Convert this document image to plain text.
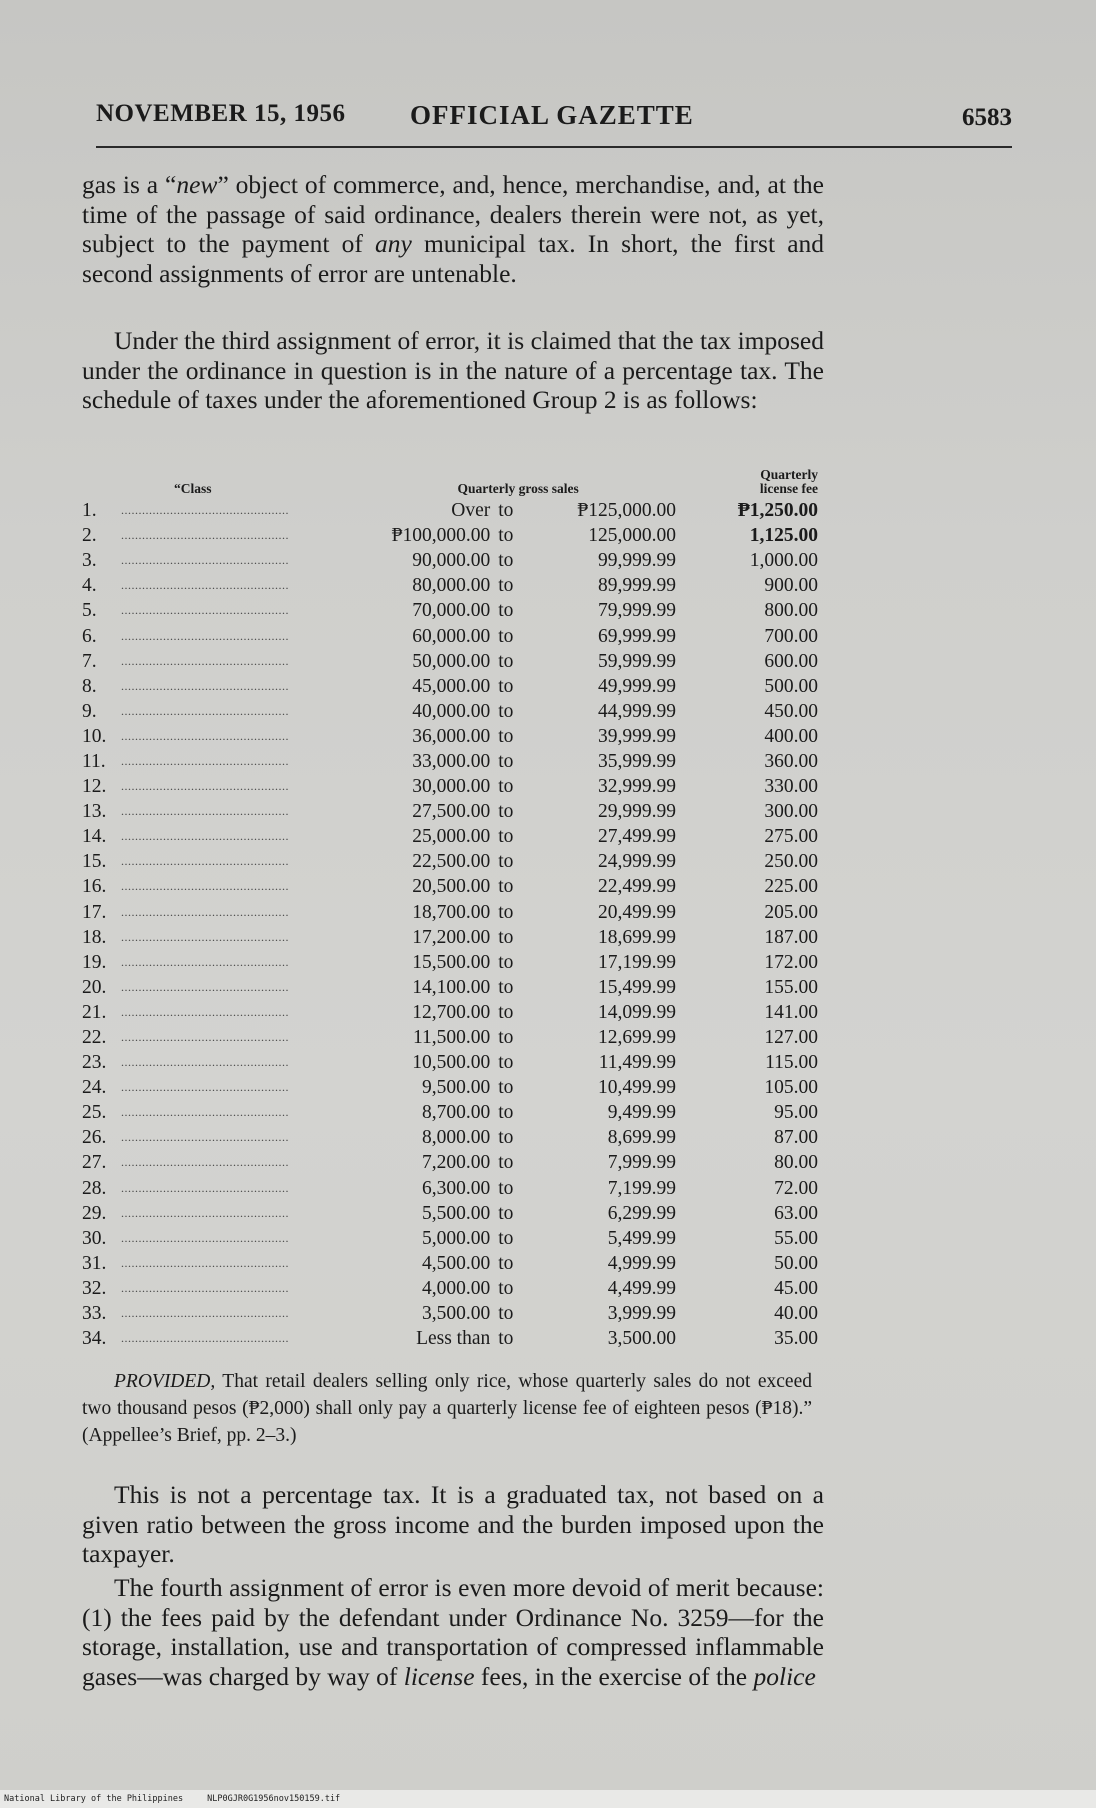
NOVEMBER 15, 1956 OFFICIAL GAZETTE	6583

gas is a “new” object of commerce, and, hence, merchandise, and, at the time of the passage of said ordinance, dealers therein were not, as yet, subject to the payment of any municipal tax. In short, the first and second assignments of error are untenable.

Under the third assignment of error, it is claimed that the tax imposed under the ordinance in question is in the nature of a percentage tax. The schedule of taxes under the aforementioned Group 2 is as follows:

“Class		Quarterly gross sales			Quarterly
license fee
1.	................................................	Over	to	₱125,000.00	₱1,250.00
2.	................................................	₱100,000.00	to	125,000.00	1,125.00
3.	................................................	90,000.00	to	99,999.99	1,000.00
4.	................................................	80,000.00	to	89,999.99	900.00
5.	................................................	70,000.00	to	79,999.99	800.00
6.	................................................	60,000.00	to	69,999.99	700.00
7.	................................................	50,000.00	to	59,999.99	600.00
8.	................................................	45,000.00	to	49,999.99	500.00
9.	................................................	40,000.00	to	44,999.99	450.00
10.	................................................	36,000.00	to	39,999.99	400.00
11.	................................................	33,000.00	to	35,999.99	360.00
12.	................................................	30,000.00	to	32,999.99	330.00
13.	................................................	27,500.00	to	29,999.99	300.00
14.	................................................	25,000.00	to	27,499.99	275.00
15.	................................................	22,500.00	to	24,999.99	250.00
16.	................................................	20,500.00	to	22,499.99	225.00
17.	................................................	18,700.00	to	20,499.99	205.00
18.	................................................	17,200.00	to	18,699.99	187.00
19.	................................................	15,500.00	to	17,199.99	172.00
20.	................................................	14,100.00	to	15,499.99	155.00
21.	................................................	12,700.00	to	14,099.99	141.00
22.	................................................	11,500.00	to	12,699.99	127.00
23.	................................................	10,500.00	to	11,499.99	115.00
24.	................................................	9,500.00	to	10,499.99	105.00
25.	................................................	8,700.00	to	9,499.99	95.00
26.	................................................	8,000.00	to	8,699.99	87.00
27.	................................................	7,200.00	to	7,999.99	80.00
28.	................................................	6,300.00	to	7,199.99	72.00
29.	................................................	5,500.00	to	6,299.99	63.00
30.	................................................	5,000.00	to	5,499.99	55.00
31.	................................................	4,500.00	to	4,999.99	50.00
32.	................................................	4,000.00	to	4,499.99	45.00
33.	................................................	3,500.00	to	3,999.99	40.00
34.	................................................	Less than	to	3,500.00	35.00

PROVIDED, That retail dealers selling only rice, whose quarterly sales do not exceed two thousand pesos (₱2,000) shall only pay a quarterly license fee of eighteen pesos (₱18).” (Appellee’s Brief, pp. 2–3.)

This is not a percentage tax. It is a graduated tax, not based on a given ratio between the gross income and the burden imposed upon the taxpayer.

The fourth assignment of error is even more devoid of merit because: (1) the fees paid by the defendant under Ordinance No. 3259—for the storage, installation, use and transportation of compressed inflammable gases—was charged by way of license fees, in the exercise of the police

National Library of the Philippines	NLP0GJR0G1956nov150159.tif
